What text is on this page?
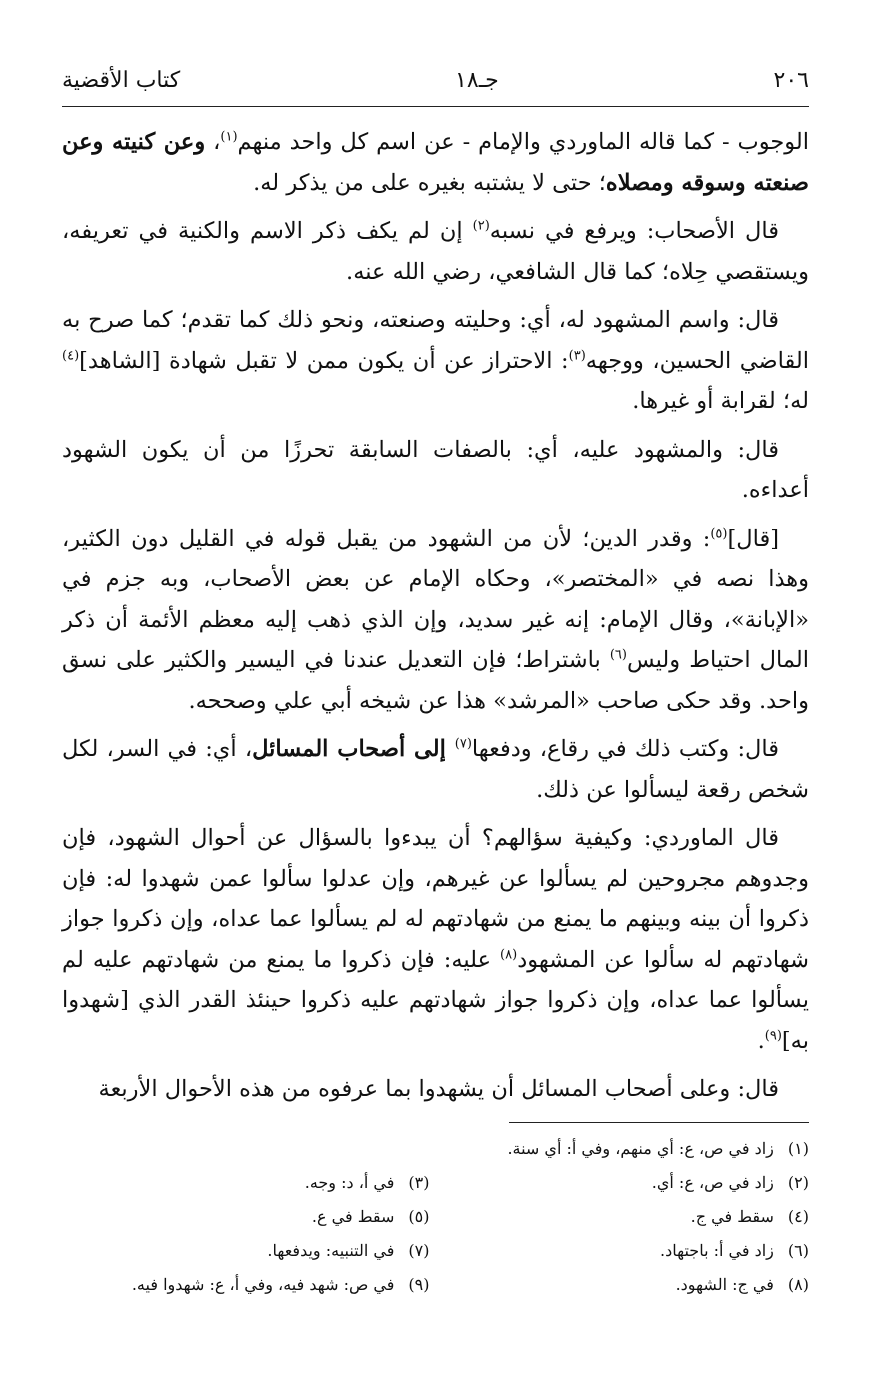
٢٠٦
جـ١٨
كتاب الأقضية

الوجوب - كما قاله الماوردي والإمام - عن اسم كل واحد منهم$^{(١)}$، وعن كنيته وعن صنعته وسوقه ومصلاه؛ حتى لا يشتبه بغيره على من يذكر له.

قال الأصحاب: ويرفع في نسبه$^{(٢)}$ إن لم يكف ذكر الاسم والكنية في تعريفه، ويستقصي حِلاه؛ كما قال الشافعي، رضي الله عنه.

قال: واسم المشهود له، أي: وحليته وصنعته، ونحو ذلك كما تقدم؛ كما صرح به القاضي الحسين، ووجهه$^{(٣)}$: الاحتراز عن أن يكون ممن لا تقبل شهادة [الشاهد]$^{(٤)}$ له؛ لقرابة أو غيرها.

قال: والمشهود عليه، أي: بالصفات السابقة تحرزًا من أن يكون الشهود أعداءه.

[قال]$^{(٥)}$: وقدر الدين؛ لأن من الشهود من يقبل قوله في القليل دون الكثير، وهذا نصه في «المختصر»، وحكاه الإمام عن بعض الأصحاب، وبه جزم في «الإبانة»، وقال الإمام: إنه غير سديد، وإن الذي ذهب إليه معظم الأئمة أن ذكر المال احتياط وليس$^{(٦)}$ باشتراط؛ فإن التعديل عندنا في اليسير والكثير على نسق واحد. وقد حكى صاحب «المرشد» هذا عن شيخه أبي علي وصححه.

قال: وكتب ذلك في رقاع، ودفعها$^{(٧)}$ إلى أصحاب المسائل، أي: في السر، لكل شخص رقعة ليسألوا عن ذلك.

قال الماوردي: وكيفية سؤالهم؟ أن يبدءوا بالسؤال عن أحوال الشهود، فإن وجدوهم مجروحين لم يسألوا عن غيرهم، وإن عدلوا سألوا عمن شهدوا له: فإن ذكروا أن بينه وبينهم ما يمنع من شهادتهم له لم يسألوا عما عداه، وإن ذكروا جواز شهادتهم له سألوا عن المشهود$^{(٨)}$ عليه: فإن ذكروا ما يمنع من شهادتهم عليه لم يسألوا عما عداه، وإن ذكروا جواز شهادتهم عليه ذكروا حينئذ القدر الذي [شهدوا به]$^{(٩)}$.

قال: وعلى أصحاب المسائل أن يشهدوا بما عرفوه من هذه الأحوال الأربعة

(١)زاد في ص، ع: أي منهم، وفي أ: أي سنة.
(٢)زاد في ص، ع: أي.
(٣)في أ، د: وجه.
(٤)سقط في ج.
(٥)سقط في ع.
(٦)زاد في أ: باجتهاد.
(٧)في التنبيه: ويدفعها.
(٨)في ج: الشهود.
(٩)في ص: شهد فيه، وفي أ، ع: شهدوا فيه.
